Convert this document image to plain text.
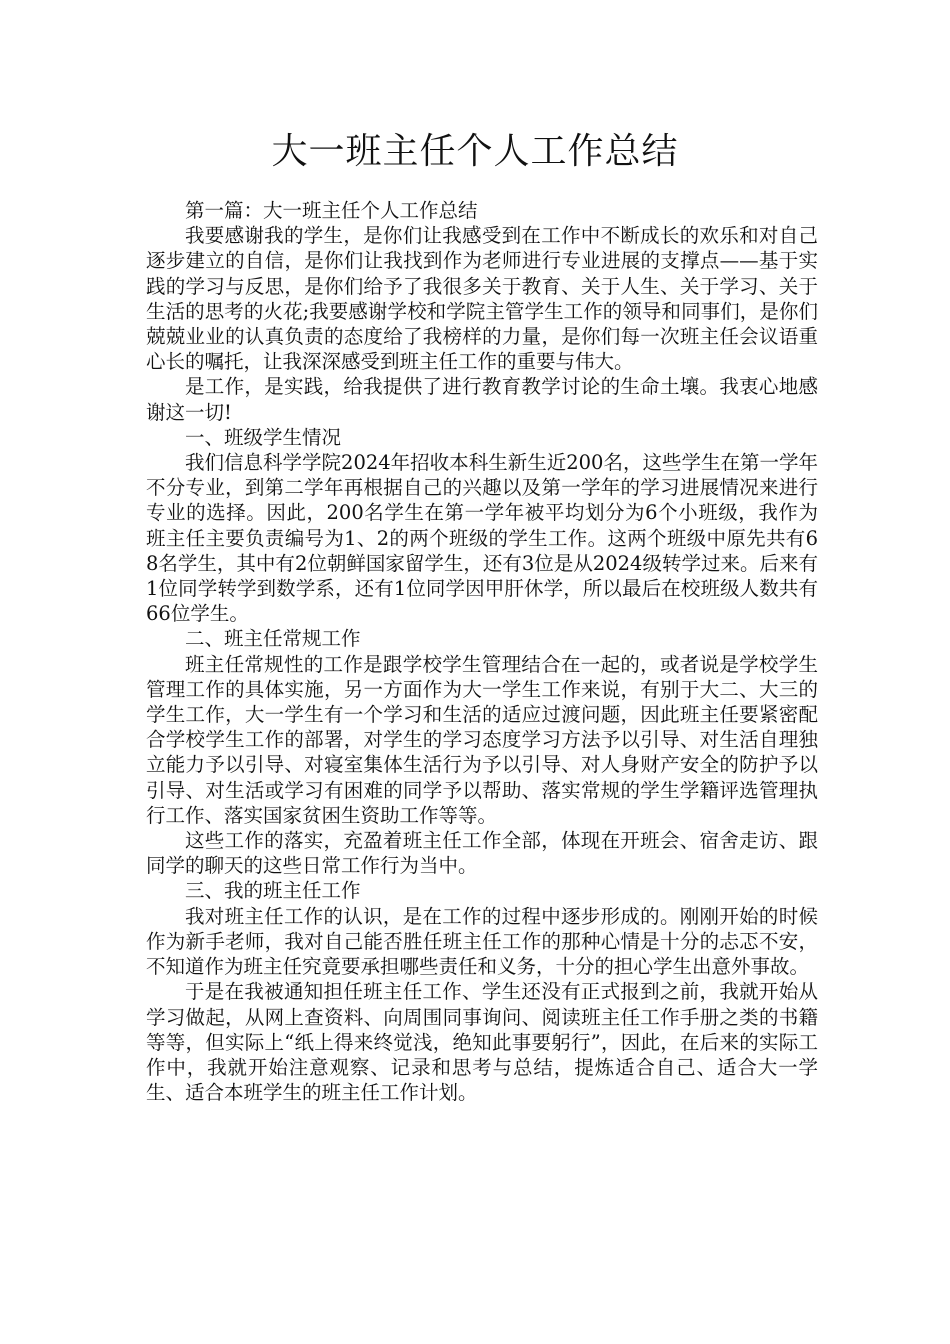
大一班主任个人工作总结

第一篇：大一班主任个人工作总结

我要感谢我的学生，是你们让我感受到在工作中不断成长的欢乐和对自己逐步建立的自信，是你们让我找到作为老师进行专业进展的支撑点——基于实践的学习与反思，是你们给予了我很多关于教育、关于人生、关于学习、关于生活的思考的火花;我要感谢学校和学院主管学生工作的领导和同事们，是你们兢兢业业的认真负责的态度给了我榜样的力量，是你们每一次班主任会议语重心长的嘱托，让我深深感受到班主任工作的重要与伟大。

是工作，是实践，给我提供了进行教育教学讨论的生命土壤。我衷心地感谢这一切!

一、班级学生情况

我们信息科学学院2024年招收本科生新生近200名，这些学生在第一学年不分专业，到第二学年再根据自己的兴趣以及第一学年的学习进展情况来进行专业的选择。因此，200名学生在第一学年被平均划分为6个小班级，我作为班主任主要负责编号为1、2的两个班级的学生工作。这两个班级中原先共有68名学生，其中有2位朝鲜国家留学生，还有3位是从2024级转学过来。后来有1位同学转学到数学系，还有1位同学因甲肝休学，所以最后在校班级人数共有66位学生。

二、班主任常规工作

班主任常规性的工作是跟学校学生管理结合在一起的，或者说是学校学生管理工作的具体实施，另一方面作为大一学生工作来说，有别于大二、大三的学生工作，大一学生有一个学习和生活的适应过渡问题，因此班主任要紧密配合学校学生工作的部署，对学生的学习态度学习方法予以引导、对生活自理独立能力予以引导、对寝室集体生活行为予以引导、对人身财产安全的防护予以引导、对生活或学习有困难的同学予以帮助、落实常规的学生学籍评选管理执行工作、落实国家贫困生资助工作等等。

这些工作的落实，充盈着班主任工作全部，体现在开班会、宿舍走访、跟同学的聊天的这些日常工作行为当中。

三、我的班主任工作

我对班主任工作的认识，是在工作的过程中逐步形成的。刚刚开始的时候作为新手老师，我对自己能否胜任班主任工作的那种心情是十分的忐忑不安，不知道作为班主任究竟要承担哪些责任和义务，十分的担心学生出意外事故。

于是在我被通知担任班主任工作、学生还没有正式报到之前，我就开始从学习做起，从网上查资料、向周围同事询问、阅读班主任工作手册之类的书籍等等，但实际上“纸上得来终觉浅，绝知此事要躬行”，因此，在后来的实际工作中，我就开始注意观察、记录和思考与总结，提炼适合自己、适合大一学生、适合本班学生的班主任工作计划。
